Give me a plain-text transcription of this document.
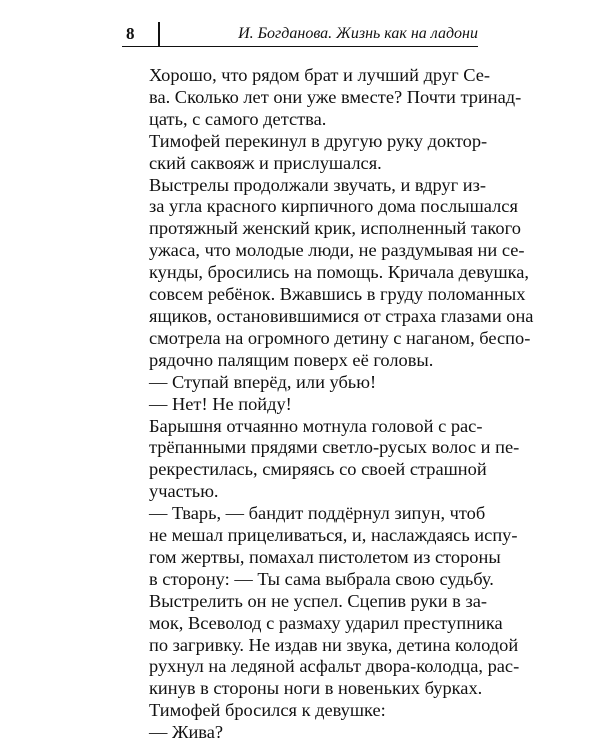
8	И. Богданова. Жизнь как на ладони

Хорошо, что рядом брат и лучший друг Се-
ва. Сколько лет они уже вместе? Почти тринад-
цать, с самого детства.

Тимофей перекинул в другую руку доктор-
ский саквояж и прислушался.

Выстрелы продолжали звучать, и вдруг из-
за угла красного кирпичного дома послышался
протяжный женский крик, исполненный такого
ужаса, что молодые люди, не раздумывая ни се-
кунды, бросились на помощь. Кричала девушка,
совсем ребёнок. Вжавшись в груду поломанных
ящиков, остановившимися от страха глазами она
смотрела на огромного детину с наганом, беспо-
рядочно палящим поверх её головы.

— Ступай вперёд, или убью!

— Нет! Не пойду!

Барышня отчаянно мотнула головой с рас-
трёпанными прядями светло-русых волос и пе-
рекрестилась, смиряясь со своей страшной
участью.

— Тварь, — бандит поддёрнул зипун, чтоб
не мешал прицеливаться, и, наслаждаясь испу-
гом жертвы, помахал пистолетом из стороны
в сторону: — Ты сама выбрала свою судьбу.

Выстрелить он не успел. Сцепив руки в за-
мок, Всеволод с размаху ударил преступника
по загривку. Не издав ни звука, детина колодой
рухнул на ледяной асфальт двора-колодца, рас-
кинув в стороны ноги в новеньких бурках.

Тимофей бросился к девушке:

— Жива?
